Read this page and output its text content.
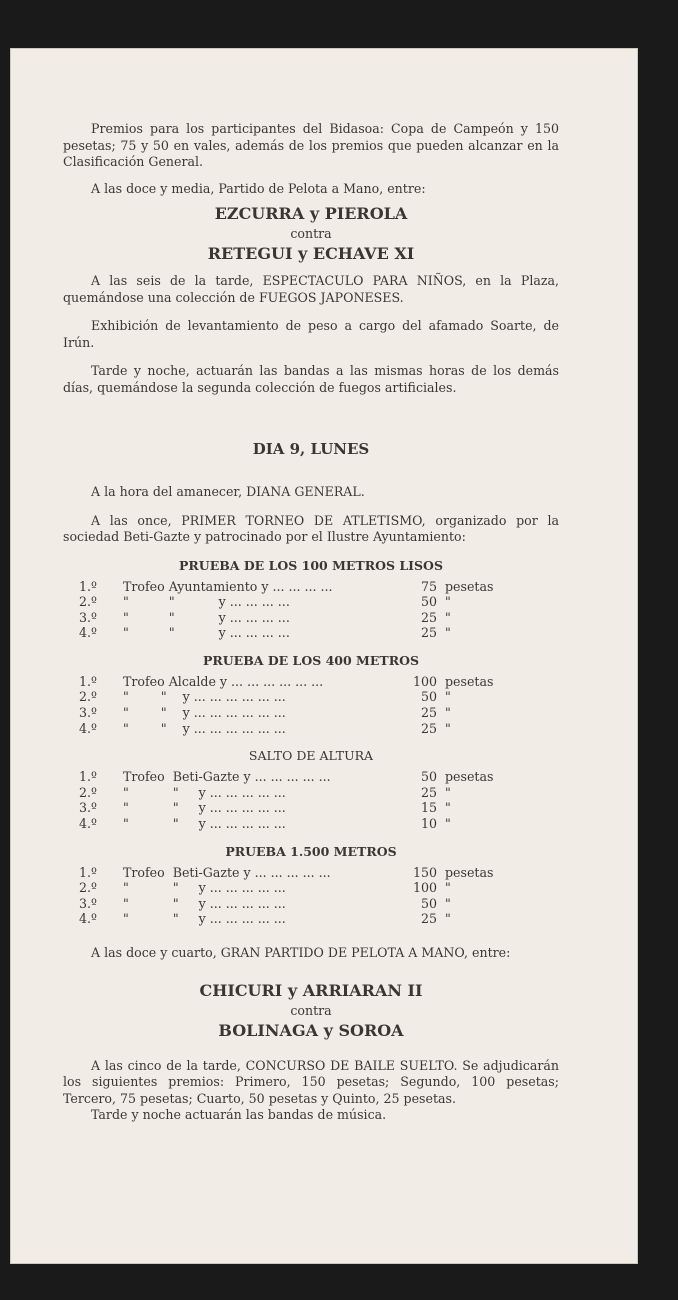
Premios para los participantes del Bidasoa: Copa de Campeón y 150 pesetas; 75 y 50 en vales, además de los premios que pueden alcanzar en la Clasificación General.

A las doce y media, Partido de Pelota a Mano, entre:

EZCURRA y PIEROLA
contra
RETEGUI y ECHAVE XI

A las seis de la tarde, ESPECTACULO PARA NIÑOS, en la Plaza, quemándose una colección de FUEGOS JAPONESES.

Exhibición de levantamiento de peso a cargo del afamado Soarte, de Irún.

Tarde y noche, actuarán las bandas a las mismas horas de los demás días, quemándose la segunda colección de fuegos artificiales.

DIA 9, LUNES

A la hora del amanecer, DIANA GENERAL.

A las once, PRIMER TORNEO DE ATLETISMO, organizado por la sociedad Beti-Gazte y patrocinado por el Ilustre Ayuntamiento:

PRUEBA DE LOS 100 METROS LISOS
1.º	Trofeo Ayuntamiento y ... ... ... ...	75 pesetas
2.º	"          "           y ... ... ... ...	50 "
3.º	"          "           y ... ... ... ...	25 "
4.º	"          "           y ... ... ... ...	25 "
PRUEBA DE LOS 400 METROS
1.º	Trofeo Alcalde y ... ... ... ... ... ...	100 pesetas
2.º	"        "    y ... ... ... ... ... ...	50 "
3.º	"        "    y ... ... ... ... ... ...	25 "
4.º	"        "    y ... ... ... ... ... ...	25 "
SALTO DE ALTURA
1.º	Trofeo  Beti-Gazte y ... ... ... ... ...	50 pesetas
2.º	"           "     y ... ... ... ... ...	25 "
3.º	"           "     y ... ... ... ... ...	15 "
4.º	"           "     y ... ... ... ... ...	10 "
PRUEBA 1.500 METROS
1.º	Trofeo  Beti-Gazte y ... ... ... ... ...	150 pesetas
2.º	"           "     y ... ... ... ... ...	100 "
3.º	"           "     y ... ... ... ... ...	50 "
4.º	"           "     y ... ... ... ... ...	25 "

A las doce y cuarto, GRAN PARTIDO DE PELOTA A MANO, entre:

CHICURI y ARRIARAN II
contra
BOLINAGA y SOROA

A las cinco de la tarde, CONCURSO DE BAILE SUELTO. Se adjudicarán los siguientes premios: Primero, 150 pesetas; Segundo, 100 pesetas; Tercero, 75 pesetas; Cuarto, 50 pesetas y Quinto, 25 pesetas.

Tarde y noche actuarán las bandas de música.
